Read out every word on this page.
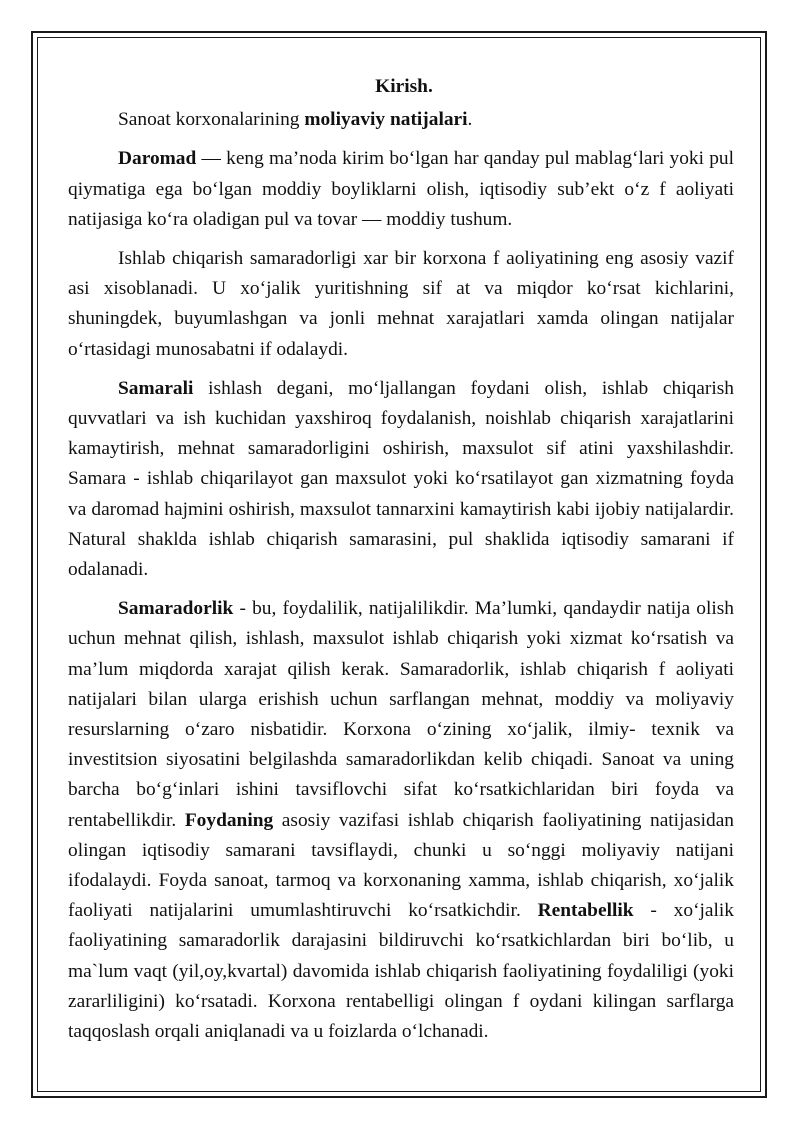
Kirish.

Sanoat korxonalarining moliyaviy natijalari.

Daromad — keng ma’noda kirim bo‘lgan har qanday pul mablag‘lari yoki pul qiymatiga ega bo‘lgan moddiy boyliklarni olish, iqtisodiy sub’ekt o‘z f aoliyati natijasiga ko‘ra oladigan pul va tovar — moddiy tushum.

Ishlab chiqarish samaradorligi xar bir korxona f aoliyatining eng asosiy vazif asi xisoblanadi. U xo‘jalik yuritishning sif at va miqdor ko‘rsat kichlarini, shuningdek, buyumlashgan va jonli mehnat xarajatlari xamda olingan natijalar o‘rtasidagi munosabatni if odalaydi.

Samarali ishlash degani, mo‘ljallangan foydani olish, ishlab chiqarish quvvatlari va ish kuchidan yaxshiroq foydalanish, noishlab chiqarish xarajatlarini kamaytirish, mehnat samaradorligini oshirish, maxsulot sif atini yaxshilashdir. Samara - ishlab chiqarilayot gan maxsulot yoki ko‘rsatilayot gan xizmatning foyda va daromad hajmini oshirish, maxsulot tannarxini kamaytirish kabi ijobiy natijalardir. Natural shaklda ishlab chiqarish samarasini, pul shaklida iqtisodiy samarani if odalanadi.

Samaradorlik - bu, foydalilik, natijalilikdir. Ma’lumki, qandaydir natija olish uchun mehnat qilish, ishlash, maxsulot ishlab chiqarish yoki xizmat ko‘rsatish va ma’lum miqdorda xarajat qilish kerak. Samaradorlik, ishlab chiqarish f aoliyati natijalari bilan ularga erishish uchun sarflangan mehnat, moddiy va moliyaviy resurslarning o‘zaro nisbatidir. Korxona o‘zining xo‘jalik, ilmiy- texnik va investitsion siyosatini belgilashda samaradorlikdan kelib chiqadi. Sanoat va uning barcha bo‘g‘inlari ishini tavsiflovchi sifat ko‘rsatkichlaridan biri foyda va rentabellikdir. Foydaning asosiy vazifasi ishlab chiqarish faoliyatining natijasidan olingan iqtisodiy samarani tavsiflaydi, chunki u so‘nggi moliyaviy natijani ifodalaydi. Foyda sanoat, tarmoq va korxonaning xamma, ishlab chiqarish, xo‘jalik faoliyati natijalarini umumlashtiruvchi ko‘rsatkichdir. Rentabellik - xo‘jalik faoliyatining samaradorlik darajasini bildiruvchi ko‘rsatkichlardan biri bo‘lib, u ma`lum vaqt (yil,oy,kvartal) davomida ishlab chiqarish faoliyatining foydaliligi (yoki zararliligini) ko‘rsatadi. Korxona rentabelligi olingan f oydani kilingan sarflarga taqqoslash orqali aniqlanadi va u foizlarda o‘lchanadi.
